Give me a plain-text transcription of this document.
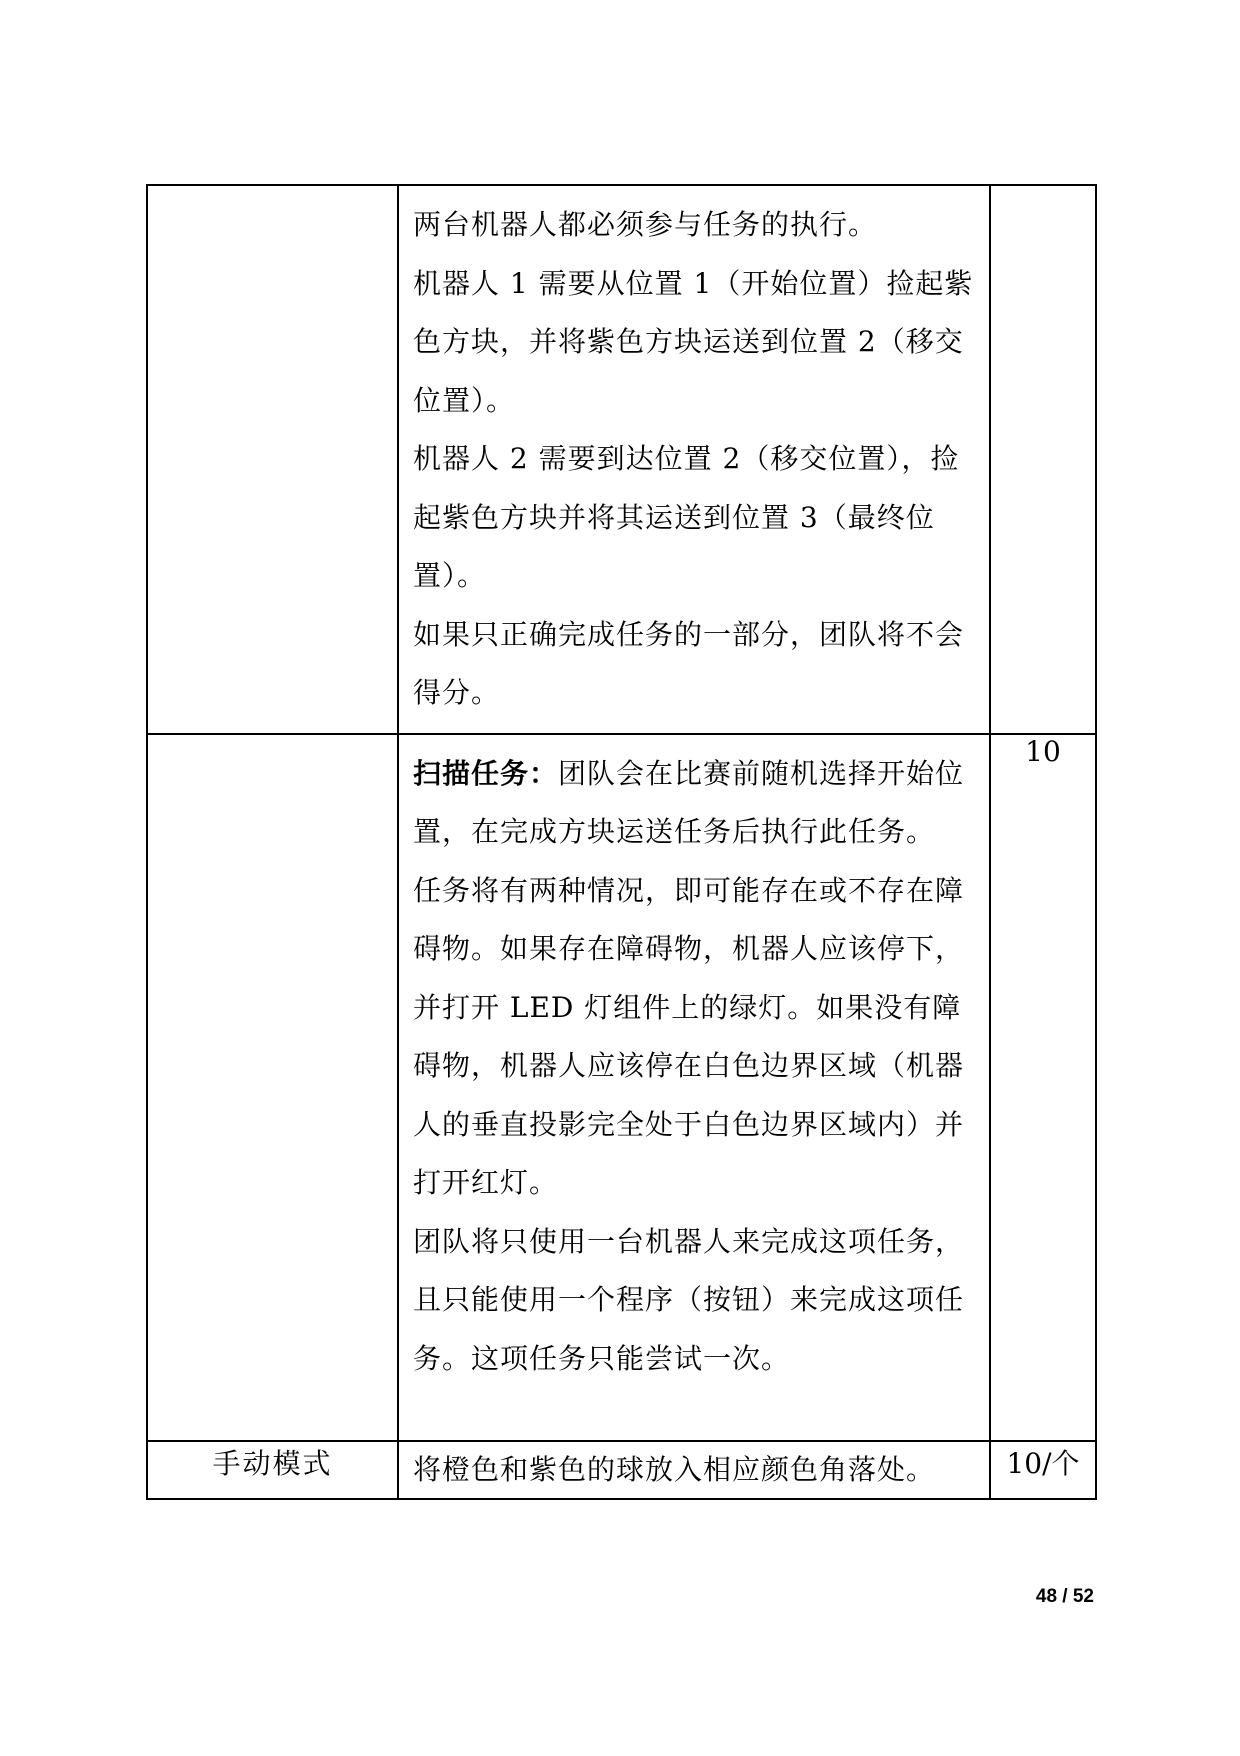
	两台机器人都必须参与任务的执行。
机器人 1 需要从位置 1（开始位置）捡起紫色方块，并将紫色方块运送到位置 2（移交位置）。
机器人 2 需要到达位置 2（移交位置），捡起紫色方块并将其运送到位置 3（最终位置）。
如果只正确完成任务的一部分，团队将不会得分。	

	扫描任务：团队会在比赛前随机选择开始位置，在完成方块运送任务后执行此任务。
任务将有两种情况，即可能存在或不存在障碍物。如果存在障碍物，机器人应该停下，并打开 LED 灯组件上的绿灯。如果没有障碍物，机器人应该停在白色边界区域（机器人的垂直投影完全处于白色边界区域内）并打开红灯。
团队将只使用一台机器人来完成这项任务，且只能使用一个程序（按钮）来完成这项任务。这项任务只能尝试一次。	10
手动模式	将橙色和紫色的球放入相应颜色角落处。	10/个
48 / 52
